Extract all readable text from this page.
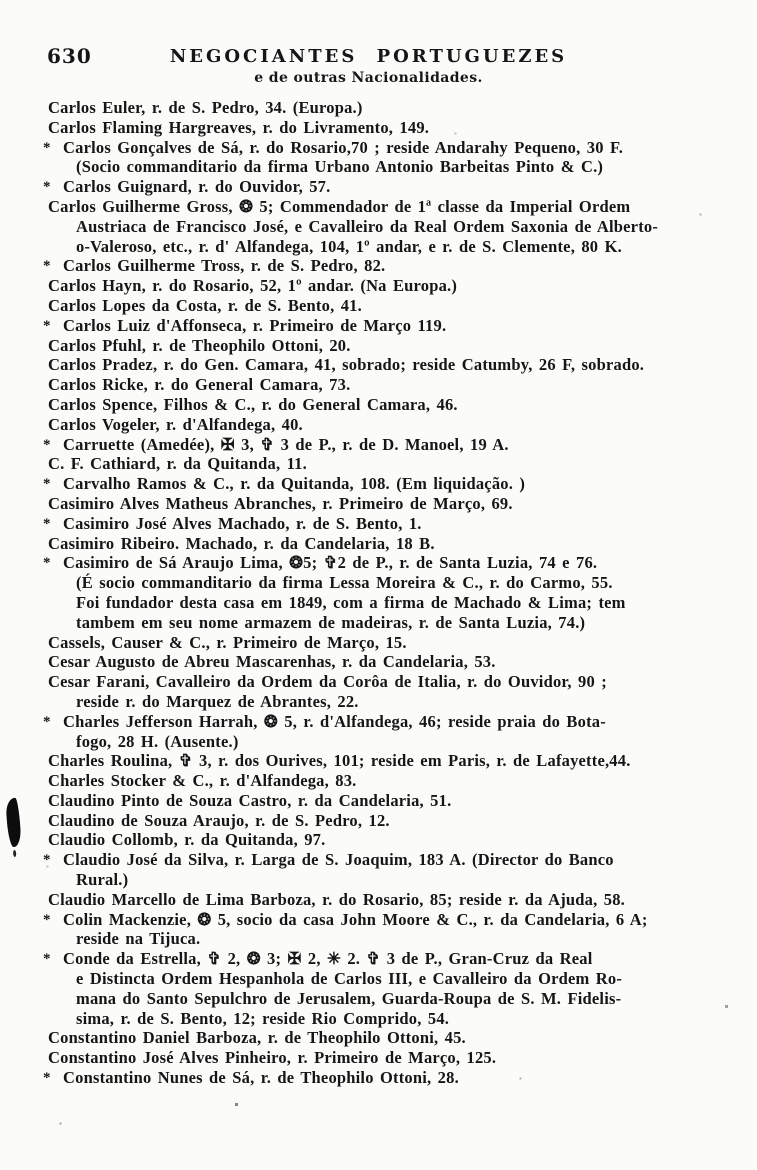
630	NEGOCIANTES PORTUGUEZES
e de outras Nacionalidades.
Carlos Euler, r. de S. Pedro, 34. (Europa.)
Carlos Flaming Hargreaves, r. do Livramento, 149.
* Carlos Gonçalves de Sá, r. do Rosario,70 ; reside Andarahy Pequeno, 30 F.
(Socio commanditario da firma Urbano Antonio Barbeitas Pinto & C.)
* Carlos Guignard, r. do Ouvidor, 57.
Carlos Guilherme Gross, ❂ 5; Commendador de 1ª classe da Imperial Ordem
Austriaca de Francisco José, e Cavalleiro da Real Ordem Saxonia de Alberto-
o-Valeroso, etc., r. d' Alfandega, 104, 1º andar, e r. de S. Clemente, 80 K.
* Carlos Guilherme Tross, r. de S. Pedro, 82.
Carlos Hayn, r. do Rosario, 52, 1º andar. (Na Europa.)
Carlos Lopes da Costa, r. de S. Bento, 41.
* Carlos Luiz d'Affonseca, r. Primeiro de Março 119.
Carlos Pfuhl, r. de Theophilo Ottoni, 20.
Carlos Pradez, r. do Gen. Camara, 41, sobrado; reside Catumby, 26 F, sobrado.
Carlos Ricke, r. do General Camara, 73.
Carlos Spence, Filhos & C., r. do General Camara, 46.
Carlos Vogeler, r. d'Alfandega, 40.
* Carruette (Amedée), ✠ 3, ✞ 3 de P., r. de D. Manoel, 19 A.
C. F. Cathiard, r. da Quitanda, 11.
* Carvalho Ramos & C., r. da Quitanda, 108. (Em liquidação. )
Casimiro Alves Matheus Abranches, r. Primeiro de Março, 69.
* Casimiro José Alves Machado, r. de S. Bento, 1.
Casimiro Ribeiro. Machado, r. da Candelaria, 18 B.
* Casimiro de Sá Araujo Lima, ❂5; ✞2 de P., r. de Santa Luzia, 74 e 76.
(É socio commanditario da firma Lessa Moreira & C., r. do Carmo, 55.
Foi fundador desta casa em 1849, com a firma de Machado & Lima; tem
tambem em seu nome armazem de madeiras, r. de Santa Luzia, 74.)
Cassels, Causer & C., r. Primeiro de Março, 15.
Cesar Augusto de Abreu Mascarenhas, r. da Candelaria, 53.
Cesar Farani, Cavalleiro da Ordem da Corôa de Italia, r. do Ouvidor, 90 ;
reside r. do Marquez de Abrantes, 22.
* Charles Jefferson Harrah, ❂ 5, r. d'Alfandega, 46; reside praia do Bota-
fogo, 28 H. (Ausente.)
Charles Roulina, ✞ 3, r. dos Ourives, 101; reside em Paris, r. de Lafayette,44.
Charles Stocker & C., r. d'Alfandega, 83.
Claudino Pinto de Souza Castro, r. da Candelaria, 51.
Claudino de Souza Araujo, r. de S. Pedro, 12.
Claudio Collomb, r. da Quitanda, 97.
* Claudio José da Silva, r. Larga de S. Joaquim, 183 A. (Director do Banco
Rural.)
Claudio Marcello de Lima Barboza, r. do Rosario, 85; reside r. da Ajuda, 58.
* Colin Mackenzie, ❂ 5, socio da casa John Moore & C., r. da Candelaria, 6 A;
reside na Tijuca.
* Conde da Estrella, ✞ 2, ❂ 3; ✠ 2, ✳ 2. ✞ 3 de P., Gran-Cruz da Real
e Distincta Ordem Hespanhola de Carlos III, e Cavalleiro da Ordem Ro-
mana do Santo Sepulchro de Jerusalem, Guarda-Roupa de S. M. Fidelis-
sima, r. de S. Bento, 12; reside Rio Comprido, 54.
Constantino Daniel Barboza, r. de Theophilo Ottoni, 45.
Constantino José Alves Pinheiro, r. Primeiro de Março, 125.
* Constantino Nunes de Sá, r. de Theophilo Ottoni, 28.
